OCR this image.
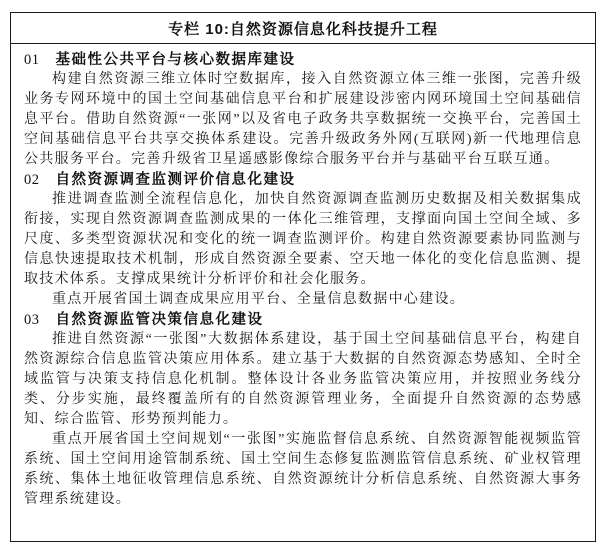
专栏 10:自然资源信息化科技提升工程
01 基础性公共平台与核心数据库建设

构建自然资源三维立体时空数据库，接入自然资源立体三维一张图，完善升级业务专网环境中的国土空间基础信息平台和扩展建设涉密内网环境国土空间基础信息平台。借助自然资源“一张网”以及省电子政务共享数据统一交换平台，完善国土空间基础信息平台共享交换体系建设。完善升级政务外网(互联网)新一代地理信息公共服务平台。完善升级省卫星遥感影像综合服务平台并与基础平台互联互通。

02 自然资源调查监测评价信息化建设

推进调查监测全流程信息化，加快自然资源调查监测历史数据及相关数据集成衔接，实现自然资源调查监测成果的一体化三维管理，支撑面向国土空间全域、多尺度、多类型资源状况和变化的统一调查监测评价。构建自然资源要素协同监测与信息快速提取技术机制，形成自然资源全要素、空天地一体化的变化信息监测、提取技术体系。支撑成果统计分析评价和社会化服务。

重点开展省国土调查成果应用平台、全量信息数据中心建设。

03 自然资源监管决策信息化建设

推进自然资源“一张图”大数据体系建设，基于国土空间基础信息平台，构建自然资源综合信息监管决策应用体系。建立基于大数据的自然资源态势感知、全时全域监管与决策支持信息化机制。整体设计各业务监管决策应用，并按照业务线分类、分步实施，最终覆盖所有的自然资源管理业务，全面提升自然资源的态势感知、综合监管、形势预判能力。

重点开展省国土空间规划“一张图”实施监督信息系统、自然资源智能视频监管系统、国土空间用途管制系统、国土空间生态修复监测监管信息系统、矿业权管理系统、集体土地征收管理信息系统、自然资源统计分析信息系统、自然资源大事务管理系统建设。
